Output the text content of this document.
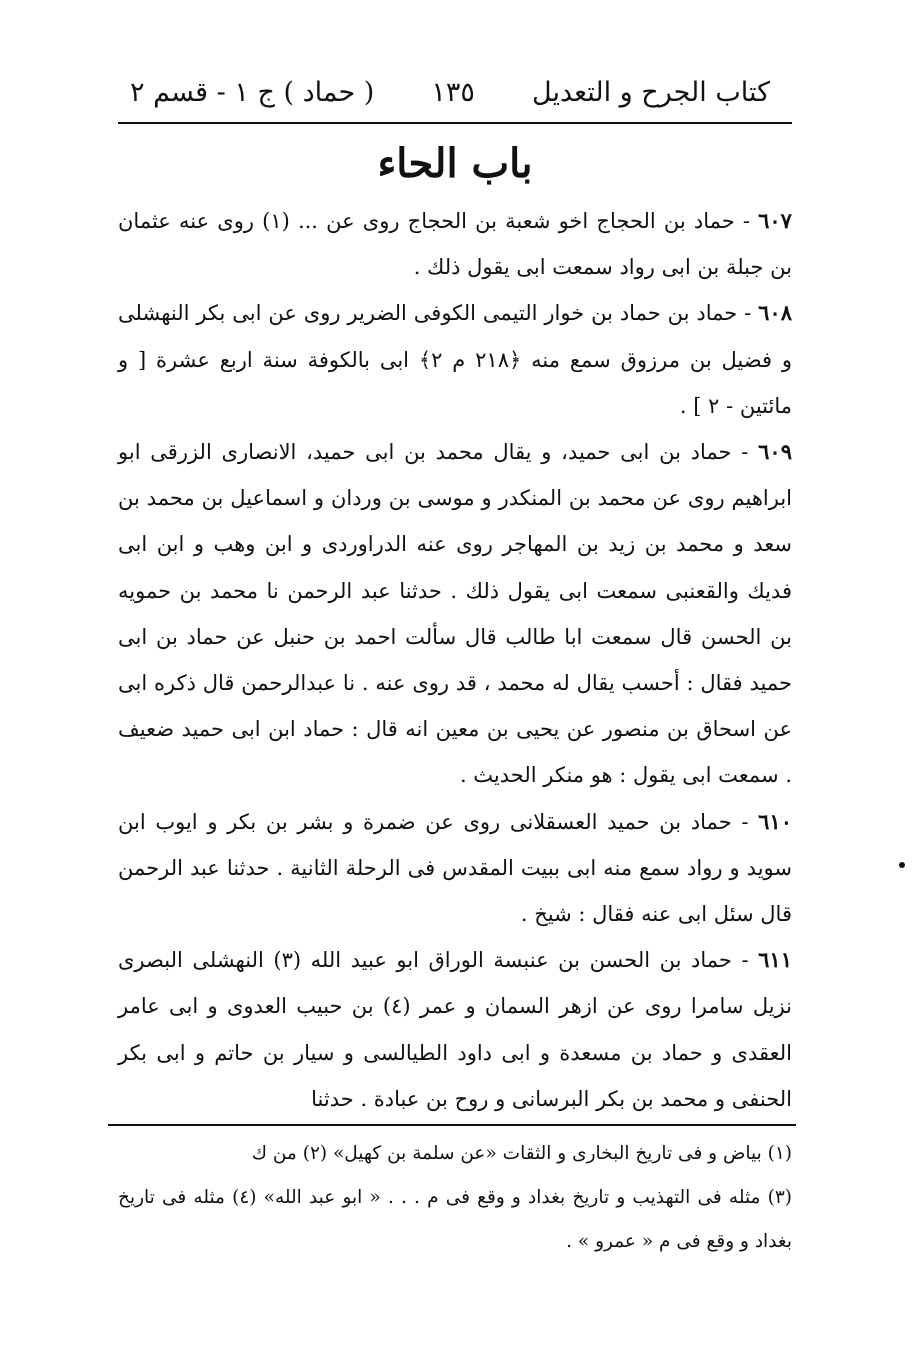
كتاب الجرح و التعديل
١٣٥
( حماد ) ج ١ - قسم ٢
باب الحاء

٦٠٧ - حماد بن الحجاج اخو شعبة بن الحجاج روى عن ... (١) روى عنه عثمان بن جبلة بن ابى رواد سمعت ابى يقول ذلك .

٦٠٨ - حماد بن حماد بن خوار التيمى الكوفى الضرير روى عن ابى بكر النهشلى و فضيل بن مرزوق سمع منه ﴿٢١٨ م ٢﴾ ابى بالكوفة سنة اربع عشرة [ و مائتين - ٢ ] .

٦٠٩ - حماد بن ابى حميد، و يقال محمد بن ابى حميد، الانصارى الزرقى ابو ابراهيم روى عن محمد بن المنكدر و موسى بن وردان و اسماعيل بن محمد بن سعد و محمد بن زيد بن المهاجر روى عنه الدراوردى و ابن وهب و ابن ابى فديك والقعنبى سمعت ابى يقول ذلك . حدثنا عبد الرحمن نا محمد بن حمويه بن الحسن قال سمعت ابا طالب قال سألت احمد بن حنبل عن حماد بن ابى حميد فقال : أحسب يقال له محمد ، قد روى عنه . نا عبدالرحمن قال ذكره ابى عن اسحاق بن منصور عن يحيى بن معين انه قال : حماد ابن ابى حميد ضعيف . سمعت ابى يقول : هو منكر الحديث .

٦١٠ - حماد بن حميد العسقلانى روى عن ضمرة و بشر بن بكر و ايوب ابن سويد و رواد سمع منه ابى ببيت المقدس فى الرحلة الثانية . حدثنا عبد الرحمن قال سئل ابى عنه فقال : شيخ .

٦١١ - حماد بن الحسن بن عنبسة الوراق ابو عبيد الله (٣) النهشلى البصرى نزيل سامرا روى عن ازهر السمان و عمر (٤) بن حبيب العدوى و ابى عامر العقدى و حماد بن مسعدة و ابى داود الطيالسى و سيار بن حاتم و ابى بكر الحنفى و محمد بن بكر البرسانى و روح بن عبادة . حدثنا

(١) بياض و فى تاريخ البخارى و الثقات «عن سلمة بن كهيل» (٢) من ك

(٣) مثله فى التهذيب و تاريخ بغداد و وقع فى م . . . « ابو عبد الله» (٤) مثله فى تاريخ بغداد و وقع فى م « عمرو » .
